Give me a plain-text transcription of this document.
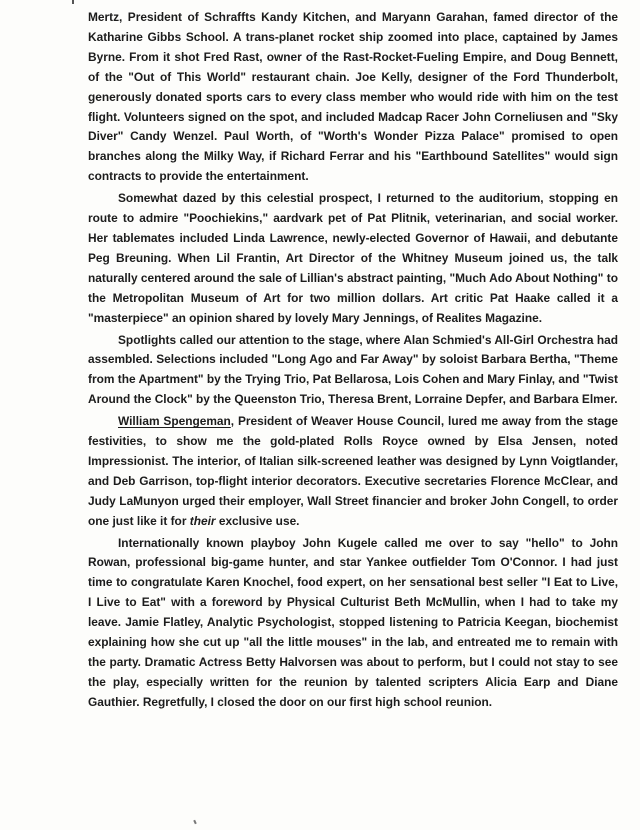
Mertz, President of Schraffts Kandy Kitchen, and Maryann Garahan, famed director of the Katharine Gibbs School. A trans-planet rocket ship zoomed into place, captained by James Byrne. From it shot Fred Rast, owner of the Rast-Rocket-Fueling Empire, and Doug Bennett, of the "Out of This World" restaurant chain. Joe Kelly, designer of the Ford Thunderbolt, generously donated sports cars to every class member who would ride with him on the test flight. Volunteers signed on the spot, and included Madcap Racer John Corneliusen and "Sky Diver" Candy Wenzel. Paul Worth, of "Worth's Wonder Pizza Palace" promised to open branches along the Milky Way, if Richard Ferrar and his "Earthbound Satellites" would sign contracts to provide the entertainment.

Somewhat dazed by this celestial prospect, I returned to the auditorium, stopping en route to admire "Poochiekins," aardvark pet of Pat Plitnik, veterinarian, and social worker. Her tablemates included Linda Lawrence, newly-elected Governor of Hawaii, and debutante Peg Breuning. When Lil Frantin, Art Director of the Whitney Museum joined us, the talk naturally centered around the sale of Lillian's abstract painting, "Much Ado About Nothing" to the Metropolitan Museum of Art for two million dollars. Art critic Pat Haake called it a "masterpiece" an opinion shared by lovely Mary Jennings, of Realites Magazine.

Spotlights called our attention to the stage, where Alan Schmied's All-Girl Orchestra had assembled. Selections included "Long Ago and Far Away" by soloist Barbara Bertha, "Theme from the Apartment" by the Trying Trio, Pat Bellarosa, Lois Cohen and Mary Finlay, and "Twist Around the Clock" by the Queenston Trio, Theresa Brent, Lorraine Depfer, and Barbara Elmer.

William Spengeman, President of Weaver House Council, lured me away from the stage festivities, to show me the gold-plated Rolls Royce owned by Elsa Jensen, noted Impressionist. The interior, of Italian silk-screened leather was designed by Lynn Voigtlander, and Deb Garrison, top-flight interior decorators. Executive secretaries Florence McClear, and Judy LaMunyon urged their employer, Wall Street financier and broker John Congell, to order one just like it for their exclusive use.

Internationally known playboy John Kugele called me over to say "hello" to John Rowan, professional big-game hunter, and star Yankee outfielder Tom O'Connor. I had just time to congratulate Karen Knochel, food expert, on her sensational best seller "I Eat to Live, I Live to Eat" with a foreword by Physical Culturist Beth McMullin, when I had to take my leave. Jamie Flatley, Analytic Psychologist, stopped listening to Patricia Keegan, biochemist explaining how she cut up "all the little mouses" in the lab, and entreated me to remain with the party. Dramatic Actress Betty Halvorsen was about to perform, but I could not stay to see the play, especially written for the reunion by talented scripters Alicia Earp and Diane Gauthier. Regretfully, I closed the door on our first high school reunion.
